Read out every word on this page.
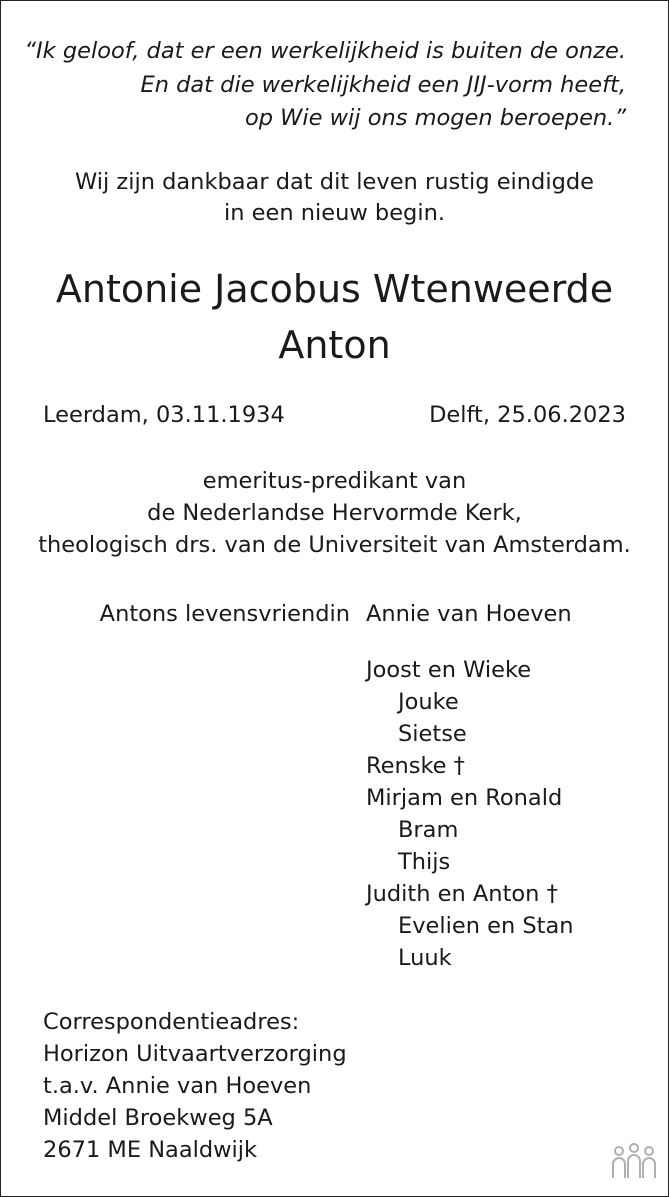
“Ik geloof, dat er een werkelijkheid is buiten de onze.
En dat die werkelijkheid een JIJ-vorm heeft,
op Wie wij ons mogen beroepen.”
Wij zijn dankbaar dat dit leven rustig eindigde
in een nieuw begin.
Antonie Jacobus Wtenweerde
Anton
Leerdam, 03.11.1934	Delft, 25.06.2023
emeritus-predikant van
de Nederlandse Hervormde Kerk,
theologisch drs. van de Universiteit van Amsterdam.
Antons levensvriendin Annie van Hoeven
Joost en Wieke
Jouke
Sietse
Renske †
Mirjam en Ronald
Bram
Thijs
Judith en Anton †
Evelien en Stan
Luuk
Correspondentieadres:
Horizon Uitvaartverzorging
t.a.v. Annie van Hoeven
Middel Broekweg 5A
2671 ME Naaldwijk
